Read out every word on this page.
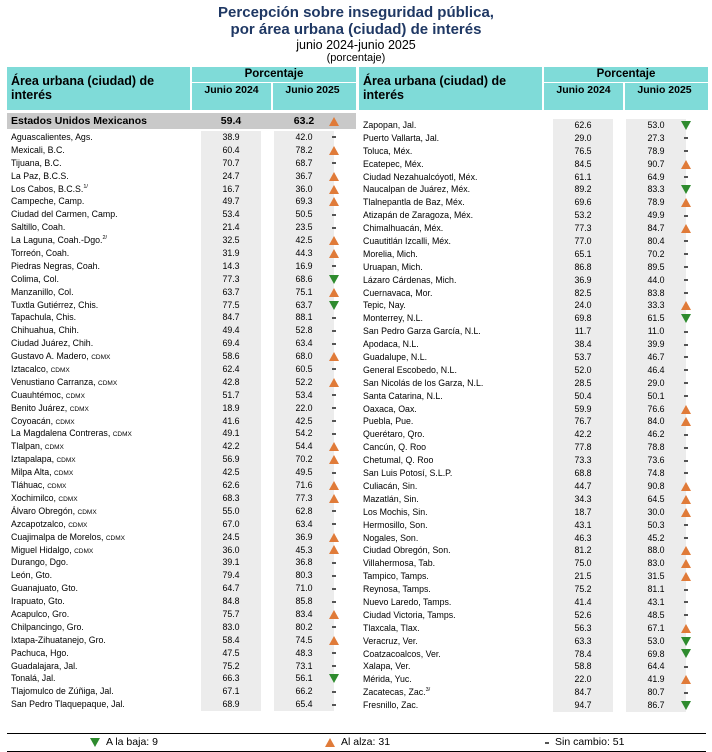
Percepción sobre inseguridad pública,
por área urbana (ciudad) de interés
junio 2024-junio 2025
(porcentaje)
Área urbana (ciudad) de interés
Porcentaje
Junio 2024	Junio 2025
Estados Unidos Mexicanos	59.4	63.2
Aguascalientes, Ags.	38.9	42.0
Mexicali, B.C.	60.4	78.2
Tijuana, B.C.	70.7	68.7
La Paz, B.C.S.	24.7	36.7
Los Cabos, B.C.S.$^{1/}$	16.7	36.0
Campeche, Camp.	49.7	69.3
Ciudad del Carmen, Camp.	53.4	50.5
Saltillo, Coah.	21.4	23.5
La Laguna, Coah.-Dgo.$^{2/}$	32.5	42.5
Torreón, Coah.	31.9	44.3
Piedras Negras, Coah.	14.3	16.9
Colima, Col.	77.3	68.6
Manzanillo, Col.	63.7	75.1
Tuxtla Gutiérrez, Chis.	77.5	63.7
Tapachula, Chis.	84.7	88.1
Chihuahua, Chih.	49.4	52.8
Ciudad Juárez, Chih.	69.4	63.4
Gustavo A. Madero, CDMX	58.6	68.0
Iztacalco, CDMX	62.4	60.5
Venustiano Carranza, CDMX	42.8	52.2
Cuauhtémoc, CDMX	51.7	53.4
Benito Juárez, CDMX	18.9	22.0
Coyoacán, CDMX	41.6	42.5
La Magdalena Contreras, CDMX	49.1	54.2
Tlalpan, CDMX	42.2	54.4
Iztapalapa, CDMX	56.9	70.2
Milpa Alta, CDMX	42.5	49.5
Tláhuac, CDMX	62.6	71.6
Xochimilco, CDMX	68.3	77.3
Álvaro Obregón, CDMX	55.0	62.8
Azcapotzalco, CDMX	67.0	63.4
Cuajimalpa de Morelos, CDMX	24.5	36.9
Miguel Hidalgo, CDMX	36.0	45.3
Durango, Dgo.	39.1	36.8
León, Gto.	79.4	80.3
Guanajuato, Gto.	64.7	71.0
Irapuato, Gto.	84.8	85.8
Acapulco, Gro.	75.7	83.4
Chilpancingo, Gro.	83.0	80.2
Ixtapa-Zihuatanejo, Gro.	58.4	74.5
Pachuca, Hgo.	47.5	48.3
Guadalajara, Jal.	75.2	73.1
Tonalá, Jal.	66.3	56.1
Tlajomulco de Zúñiga, Jal.	67.1	66.2
San Pedro Tlaquepaque, Jal.	68.9	65.4
Área urbana (ciudad) de interés
Porcentaje
Junio 2024	Junio 2025
Zapopan, Jal.	62.6	53.0
Puerto Vallarta, Jal.	29.0	27.3
Toluca, Méx.	76.5	78.9
Ecatepec, Méx.	84.5	90.7
Ciudad Nezahualcóyotl, Méx.	61.1	64.9
Naucalpan de Juárez, Méx.	89.2	83.3
Tlalnepantla de Baz, Méx.	69.6	78.9
Atizapán de Zaragoza, Méx.	53.2	49.9
Chimalhuacán, Méx.	77.3	84.7
Cuautitlán Izcalli, Méx.	77.0	80.4
Morelia, Mich.	65.1	70.2
Uruapan, Mich.	86.8	89.5
Lázaro Cárdenas, Mich.	36.9	44.0
Cuernavaca, Mor.	82.5	83.8
Tepic, Nay.	24.0	33.3
Monterrey, N.L.	69.8	61.5
San Pedro Garza García, N.L.	11.7	11.0
Apodaca, N.L.	38.4	39.9
Guadalupe, N.L.	53.7	46.7
General Escobedo, N.L.	52.0	46.4
San Nicolás de los Garza, N.L.	28.5	29.0
Santa Catarina, N.L.	50.4	50.1
Oaxaca, Oax.	59.9	76.6
Puebla, Pue.	76.7	84.0
Querétaro, Qro.	42.2	46.2
Cancún, Q. Roo	77.8	78.8
Chetumal, Q. Roo	73.3	73.6
San Luis Potosí, S.L.P.	68.8	74.8
Culiacán, Sin.	44.7	90.8
Mazatlán, Sin.	34.3	64.5
Los Mochis, Sin.	18.7	30.0
Hermosillo, Son.	43.1	50.3
Nogales, Son.	46.3	45.2
Ciudad Obregón, Son.	81.2	88.0
Villahermosa, Tab.	75.0	83.0
Tampico, Tamps.	21.5	31.5
Reynosa, Tamps.	75.2	81.1
Nuevo Laredo, Tamps.	41.4	43.1
Ciudad Victoria, Tamps.	52.6	48.5
Tlaxcala, Tlax.	56.3	67.1
Veracruz, Ver.	63.3	53.0
Coatzacoalcos, Ver.	78.4	69.8
Xalapa, Ver.	58.8	64.4
Mérida, Yuc.	22.0	41.9
Zacatecas, Zac.$^{3/}$	84.7	80.7
Fresnillo, Zac.	94.7	86.7
A la baja: 9	Al alza: 31	Sin cambio: 51
